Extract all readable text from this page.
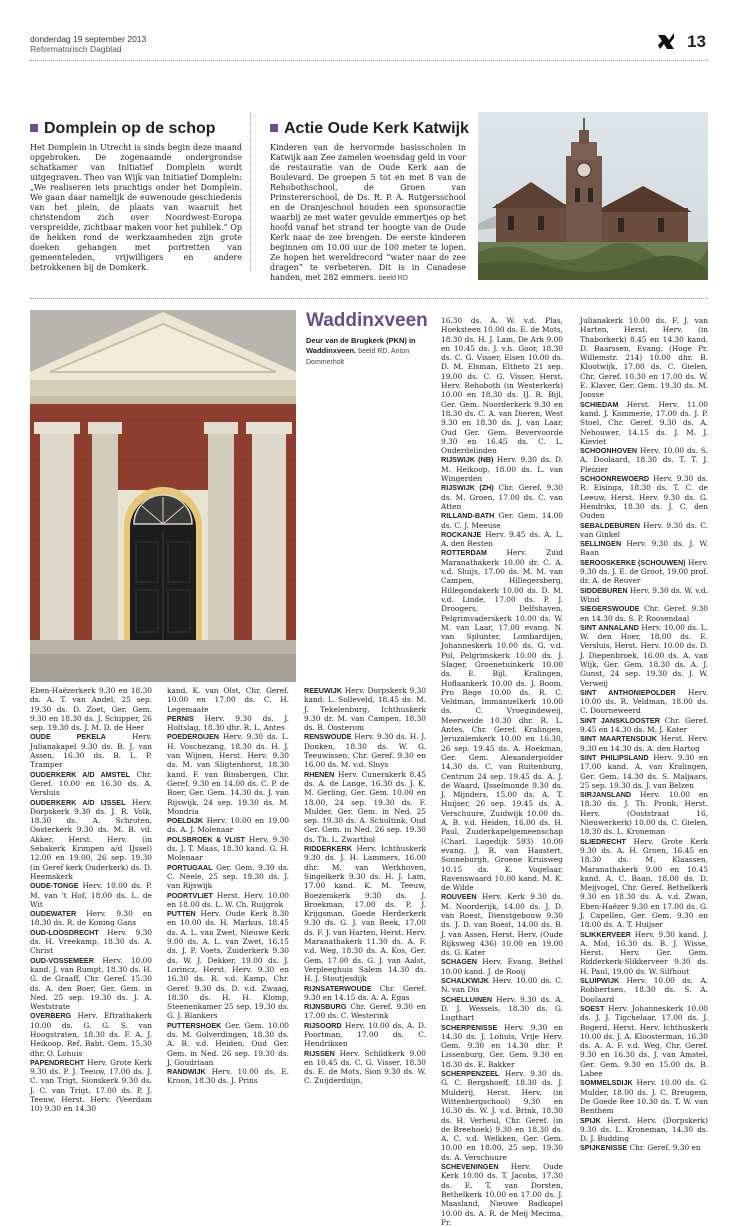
donderdag 19 september 2013
Reformatorisch Dagblad	13
Domplein op de schop
Het Domplein in Utrecht is sinds begin deze maand opgebroken. De zogenaamde ondergrondse schatkamer van Initiatief Domplein wordt uitgegraven. Theo van Wijk van Initiatief Domplein: „We realiseren iets prachtigs onder het Domplein. We gaan daar namelijk de euwenoude geschiedenis van het plein, de plaats van waaruit het christendom zich over Noordwest-Europa verspreidde, zichtbaar maken voor het publiek.” Op de hekken rond de werkzaamheden zijn grote doeken gehangen met portretten van gemeenteleden, vrijwilligers en andere betrokkenen bij de Domkerk.
Actie Oude Kerk Katwijk
Kinderen van de hervormde basisscholen in Katwijk aan Zee zamelen woensdag geld in voor de restauratie van de Oude Kerk aan de Boulevard. De groepen 5 tot en met 8 van de Rehobothschool, de Groen van Prinstererschool, de Ds. R. P. A. Rutgersschool en de Oranjeschool houden een sponsoractie waarbij ze met water gevulde emmertjes op het hoofd vanaf het strand ter hoogte van de Oude Kerk naar de zee brengen. De eerste kinderen beginnen om 10.00 uur de 100 meter te lopen. Ze hopen het wereldrecord “water naar de zee dragen” te verbeteren. Dit is in Canadese handen, met 282 emmers. beeld RD
Waddinxveen
Deur van de Brugkerk (PKN) in Waddinxveen. beeld RD, Anton Dommerholt

Eben-Haëzerkerk 9.30 en 18.30 ds. A. T. van Andel, 25 sep. 19.30 ds. D. Zoet, Ger. Gem. 9.30 en 18.30 ds. J. Schipper, 26 sep. 19.30 ds. J. M. D. de Heer

OUDE PEKELA	Herv. Julianakapel 9.30 ds. B. J. van Assen, 16.30 ds. B. L. P. Tramper

OUDERKERK A/D AMSTEL Chr. Geref. 10.00 en 16.30 ds. A. Versluis

OUDERKERK A/D IJSSEL Herv. Dorpskerk 9.30 ds. J. R. Volk, 18.30 ds. A. Schroten, Oosterkerk 9.30 ds. M. B. vd. Akker, Herst. Herv. (in Sebakerk Krimpen a/d IJssel) 12.00 en 19.00, 26 sep. 19.30 (in Geref kerk Ouderkerk) ds. D. Heemskerk

OUDE-TONGE Herv. 10.00 ds. P. M. van 't Hof, 18.00 ds. L. de Wit

OUDEWATER Herv. 9.30 en 18.30 ds. R. de Koning Gans

OUD-LOOSDRECHT Herv. 9.30 ds. H. Vreekamp, 18.30 ds. A. Christ

OUD-VOSSEMEER Herv. 10.00 kand. J. van Rumpt, 18.30 ds. H. G. de Graaff, Chr. Geref. 15.30 ds. A. den Boer, Ger. Gem. in Ned. 25 sep. 19.30 ds. J. A. Weststrate

OVERBERG Herv. Eftrathakerk 10.00 ds. G. G. S. van Hoogstraten, 18.30 ds. F. A. J. Heikoop, Ref. Babt. Gem. 15.30 dhr. O. Lohuis

PAPENDRECHT Herv. Grote Kerk 9.30 ds. P. J. Teeuw, 17.00 ds. J. C. van Trigt, Sionskerk 9.30 ds. J. C. van Trigt, 17.00 ds. P. J. Teeuw, Herst. Herv. (Veerdam 10) 9.30 en 14.30

kand. K. van Olst, Chr. Geref. 10.00 en 17.00 ds. C. H. Legemaate

PERNIS Herv. 9.30 ds. J. Holtslag, 18.30 dhr. R. L. Antes

POEDEROIJEN Herv. 9.30 ds. L. H. Voschezang, 18.30 ds. H. J. van Wijnen, Herst. Herv. 9.30 ds. M. van Sligtenhorst, 18.30 kand. F. van Binsbergen, Chr. Geref. 9.30 en 14.00 ds. C. P. de Boer, Ger. Gem. 14.30 ds. J. van Rijswijk, 24 sep. 19.30 ds. M. Mondria

POELDIJK Herv. 10.00 en 19.00 ds. A. J. Molenaar

POLSBROEK & VLIST Herv. 9.30 ds. J. T. Maas, 18.30 kand. G. H. Molenaar

PORTUGAAL Ger. Gem. 9.30 ds. C. Neele, 25 sep. 19.30 ds. J. van Rijswijk

POORTVLIET Herst. Herv. 10.00 en 18.00 ds. L. W. Ch. Ruijgrok

PUTTEN Herv. Oude Kerk 8.30 en 10.00 ds. H. Markus, 18.45 ds. A. L. van Zwet, Nieuwe Kerk 9.00 ds. A. L. van Zwet, 16.15 ds. J. P. Voets, Zuiderkerk 9.30 ds. W. J. Dekker, 19.00 ds. J. Lorincz, Herst. Herv. 9.30 en 16.30 ds. R. v.d. Kamp, Chr. Geref. 9.30 ds. D. v.d. Zwaag, 18.30 ds. H. H. Klomp, Steenenkamer 25 sep. 19.30 ds. G. J. Blankers

PUTTERSHOEK Ger. Gem. 10.00 ds. M. Golverdingen, 18.30 ds. A. B. v.d. Heiden, Oud Ger. Gem. in Ned. 26 sep. 19.30 ds. J. Goudriaan

RANDWIJK Herv. 10.00 ds. E. Kroon, 18.30 ds. J. Prins

REEUWIJK Herv. Dorpskerk 9.30 kand. L. Solleveld, 18.45 ds. M. J. Tekelenburg, Ichthuskerk 9.30 dr. M. van Campen, 18.30 ds. B. Oosterom

RENSWOUDE Herv. 9.30 ds. H. J. Donken, 18.30 ds. W. G. Teeuwissen, Chr. Geref. 9.30 en 16.00 ds. M. v.d. Sluys

RHENEN Herv. Cunerakerk 8.45 ds. A. de Lange, 16.30 ds. J. K. M. Gerling, Ger. Gem. 10.00 en 18.00, 24 sep. 19.30 ds. F. Mulder, Ger. Gem. in Ned. 25 sep. 19.30 ds. A. Schultink, Oud Ger. Gem. in Ned. 26 sep. 19.30 ds. Th. L. Zwartbol

RIDDERKERK Herv. Ichthuskerk 9.30 ds. J. H. Lammers, 16.00 dhr. M. van Werkhoven, Singelkerk 9.30 ds. H. J. Lam, 17.00 kand. K. M. Teeuw, Boezemkerk 9.30 ds. J. Broekman, 17.00 ds. P. J. Krijgsman, Goede Herderkerk 9.30 ds. G. J. van Beek, 17.00 ds. F. J. van Harten, Herst. Herv. Maranathakerk 11.30 ds. A. F. v.d. Weg, 18.30 ds. A. Kos, Ger. Gem. 17.00 ds. G. J. van Aalst, Verpleeghuis Salem 14.30 ds. H. J. Stoutjesdijk

RIJNSATERWOUDE Chr. Geref. 9.30 en 14.15 ds. A. A. Egas

RIJNSBURG Chr. Geref. 9.30 en 17.00 ds. C. Westerink

RIJSOORD Herv. 10.00 ds. A. D. Poortman, 17.00 ds. C. Hendriksen

RIJSSEN Herv. Schildkerk 9.00 en 10.45 ds. C. G. Visser, 18.30 ds. E. de Mots, Sion 9.30 ds. W. C. Zuijderduijn,

16.30 ds. A. W. v.d. Plas, Hoeksteen 10.00 ds. E. de Mots, 18.30 ds. H. J. Lam, De Ark 9.00 en 10.45 ds. J. v.h. Goor, 18.30 ds. C. G. Visser, Elsen 10.00 ds. D. M. Elsman, Eltheto 21 sep. 19.00 ds. C. G. Visser, Herst. Herv. Rehoboth (in Westerkerk) 10.00 en 18.30 ds. IJ. R. Bijl, Ger. Gem. Noorderkerk 9.30 en 18.30 ds. C. A. van Dieren, West 9.30 en 18.30 ds. J. van Laar, Oud Ger. Gem. Bevervoorde 9.30 en 16.45 ds. C. L. Onderdelinden

RIJSWIJK (NB) Herv. 9.30 ds. D. M. Heikoop, 18.00 ds. L. van Wingerden

RIJSWIJK (ZH) Chr. Geref. 9.30 ds. M. Groen, 17.00 ds. C. van Atten

RILLAND-BATH Ger. Gem. 14.00 ds. C. J. Meeuse

ROCKANJE Herv. 9.45 ds. A. L. A. den Besten

ROTTERDAM	Herv. Zuid Maranathakerk 10.00 dr. C. A. v.d. Sluijs, 17.00 ds. M. M. van Campen, Hillegersberg, Hillegondakerk 10.00 ds. D. M. v.d. Linde, 17.00 ds. P. J. Droogers, Delfshaven, Pelgrimvaderskerk 10.00 ds. W. M. van Laar, 17.00 evang. N. van Splunter, Lombardijen, Johanneskerk 10.00 ds. G. v.d. Pol, Pelgrimskerk 10.00 ds. J. Slager, Groenetuinkerk 10.00 ds. E. Bijl, Kralingen, Hoflaankerk 10.00 ds. J. Boom, Pro Rege 10.00 ds. R. C. Veldman, Immanuelkerk 10.00 ds. C. Vroegindeweij, Meerweide 10.30 dhr. R. L. Antes, Chr. Geref. Kralingen, Jeruzalemkerk 10.00 en 16.30, 26 sep. 19.45 ds. A. Hoekman, Ger. Gem. Alexanderpolder 14.30 ds. C. van Ruitenburg, Centrum 24 sep. 19.45 ds. A. J. de Waard, IJsselmonde 9.30 ds. J. Mijnders, 15.00 ds. A. T. Huijser, 26 sep. 19.45 ds. A. Verschuure, Zuidwijk 10.00 ds. A. B. v.d. Heiden, 16.00 ds. H. Paul, Zuiderkapelgemeenschap (Charl. Lagedijk 593) 10.00 evang. J. R. van Haastert, Sonneburgh, Groene Kruisweg 10.15 ds. K. Vogelaar, Ravenswaard 10.00 kand. M. K. de Wilde

ROUVEEN Herv. Kerk 9.30 ds. M. Noorderijk, 14.00 ds. J. D. van Roest, Dienstgebouw 9.30 ds. J. D. van Roest, 14.00 ds. B. J. van Assen, Herst. Herv. (Oude Rijksweg 436) 10.00 en 19.00 ds. G. Kater

SCHAGEN Herv. Evang. Bethel 10.00 kand. J. de Rooij

SCHALKWIJK Herv. 10.00 ds. C. N. van Dis

SCHELLUINEN Herv. 9.30 ds. A. D. J. Wessels, 18.30 ds. G. Lugthart

SCHERPENISSE Herv. 9.30 en 14.30 ds. J. Lohuis, Vrije Herv. Gem. 9.30 en 14.30 dhr. P. Lissenburg, Ger. Gem. 9.30 en 18.30 ds. E. Bakker

SCHERPENZEEL Herv. 9.30 ds. G. C. Bergshoeff, 18.30 ds. J. Mulderij, Herst. Herv. (in Wittenbergschool) 9.30 en 16.30 ds. W. J. v.d. Brink, 18.30 ds. H. Verheul, Chr. Geref. (in de Breehoek) 9.30 en 18.30 ds. A. C. v.d. Welkken, Ger. Gem. 10.00 en 18.00, 25 sep. 19.30 ds. A. Verschuure

SCHEVENINGEN Herv. Oude Kerk 10.00 ds. T. Jacobs, 17.30 ds. E. T. van Dorsten, Bethelkerk 10.00 en 17.00 ds. J. Maasland, Nieuwe Badkapel 10.00 ds. A. R. de Meij Mecima, Pr.

Julianakerk 10.00 ds. F. J. van Harten, Herst. Herv. (in Thaborkerk) 8.45 en 14.30 kand. D. Baarssen, Evang. (Hoge Pr. Willemstr. 214) 10.00 dhr. B. Klootwijk, 17.00 ds. C. Gielen, Chr. Geref. 10.30 en 17.00 ds. W. E. Klaver, Ger. Gem. 19.30 ds. M. Joosse

SCHIEDAM Herst. Herv. 11.00 kand. J. Kommerie, 17.00 ds. J. P. Stoel, Chr. Geref. 9.30 ds. A. Nehouwer, 14.15 ds. J. M. J. Kieviet

SCHOONHOVEN Herv. 10.00 ds. S. A. Doolaard, 18.30 ds. T. T. J. Pleizier

SCHOONREWOERD Herv. 9.30 ds. R. Eisinga, 18.30 ds. T. C. de Leeuw, Herst. Herv. 9.30 ds. G. Hendriks, 18.30 ds. J. C. den Ouden

SEBALDEBUREN Herv. 9.30 ds. C. van Ginkel

SELLINGEN Herv. 9.30 ds. J. W. Baan

SEROOSKERKE (SCHOUWEN) Herv. 9.30 ds. J. E. de Groot, 19.00 prof. dr. A. de Reuver

SIDDEBUREN Herv. 9.30 ds. W. v.d. Wind

SIEGERSWOUDE Chr. Geref. 9.30 en 14.30 ds. S. P. Roosendaal

SINT ANNALAND Herv. 10.00 ds. L. W. den Hoer, 18.00 ds. E. Versluis, Herst. Herv. 10.00 ds. D. J. Diepenbroek, 16.00 ds. A. van Wijk, Ger. Gem. 18.30 ds. A. J. Gunst, 24 sep. 19.30 ds. J. W. Verweij

SINT ANTHONIEPOLDER Herv. 10.00 ds. R. Veldman, 18.00 ds. C. Doorneweerd

SINT JANSKLOOSTER Chr. Geref. 9.45 en 14.30 ds. M. J. Kater

SINT MAARTENSDIJK Herst. Herv. 9.30 en 14.30 ds. A. den Hartog

SINT PHILIPSLAND Herv. 9.30 en 17.00 kand. A. van Kralingen, Ger. Gem. 14.30 ds. S. Maljaars, 25 sep. 19.30 ds. J. van Belzen

SIRJANSLAND Herv. 10.00 en 18.30 ds. J. Th. Pronk, Herst. Herv. (Ooststraat 16, Nieuwerkerk) 10.00 ds. C. Gielen, 18.30 ds. L. Kroneman

SLIEDRECHT Herv. Grote Kerk 9.30 ds. A. H. Groen, 16.45 en 18.30 ds. M. Klaassen, Maranathakerk 9.00 en 10.45 kand. A. C. Baan, 18.00 ds. D. Meijvogel, Chr. Geref. Bethelkerk 9.30 en 18.30 ds. A. v.d. Zwan, Eben-Haëzer 9.30 en 17.00 ds. G. J. Capellen, Ger. Gem. 9.30 en 18.00 ds. A. T. Huijser

SLIKKERVEER Herv. 9.30 kand. J. A. Mol, 16.30 ds. B. J. Wisse, Herst. Herv. Ger. Gem. Ridderkerk-Slikkerveer 9.30 ds. H. Paul, 19.00 ds. W. Silfhout

SLUIPWIJK Herv. 10.00 ds. A. Robbertsen, 18.30 ds. S. A. Doolaard

SOEST Herv. Johanneskerk 10.00 ds. J. J. Tigchelaar, 17.00 ds. J. Bogerd, Herst. Herv. Ichthuskerk 10.00 ds. J. A. Kloosterman, 16.30 ds. A. A. F. v.d. Weg, Chr. Geref. 9.30 en 16.30 ds. J. van Amstel, Ger. Gem. 9.30 en 15.00 ds. B. Labee

SOMMELSDIJK Herv. 10.00 ds. G. Mulder, 18.00 ds. J. C. Breugem, De Goede Ree 10.30 ds. T. W. van Benthem

SPIJK Herst. Herv. (Dorpskerk) 9.30 ds. L. Kroneman, 14.30 ds. D. J. Budding

SPIJKENISSE Chr. Geref. 9.30 en
